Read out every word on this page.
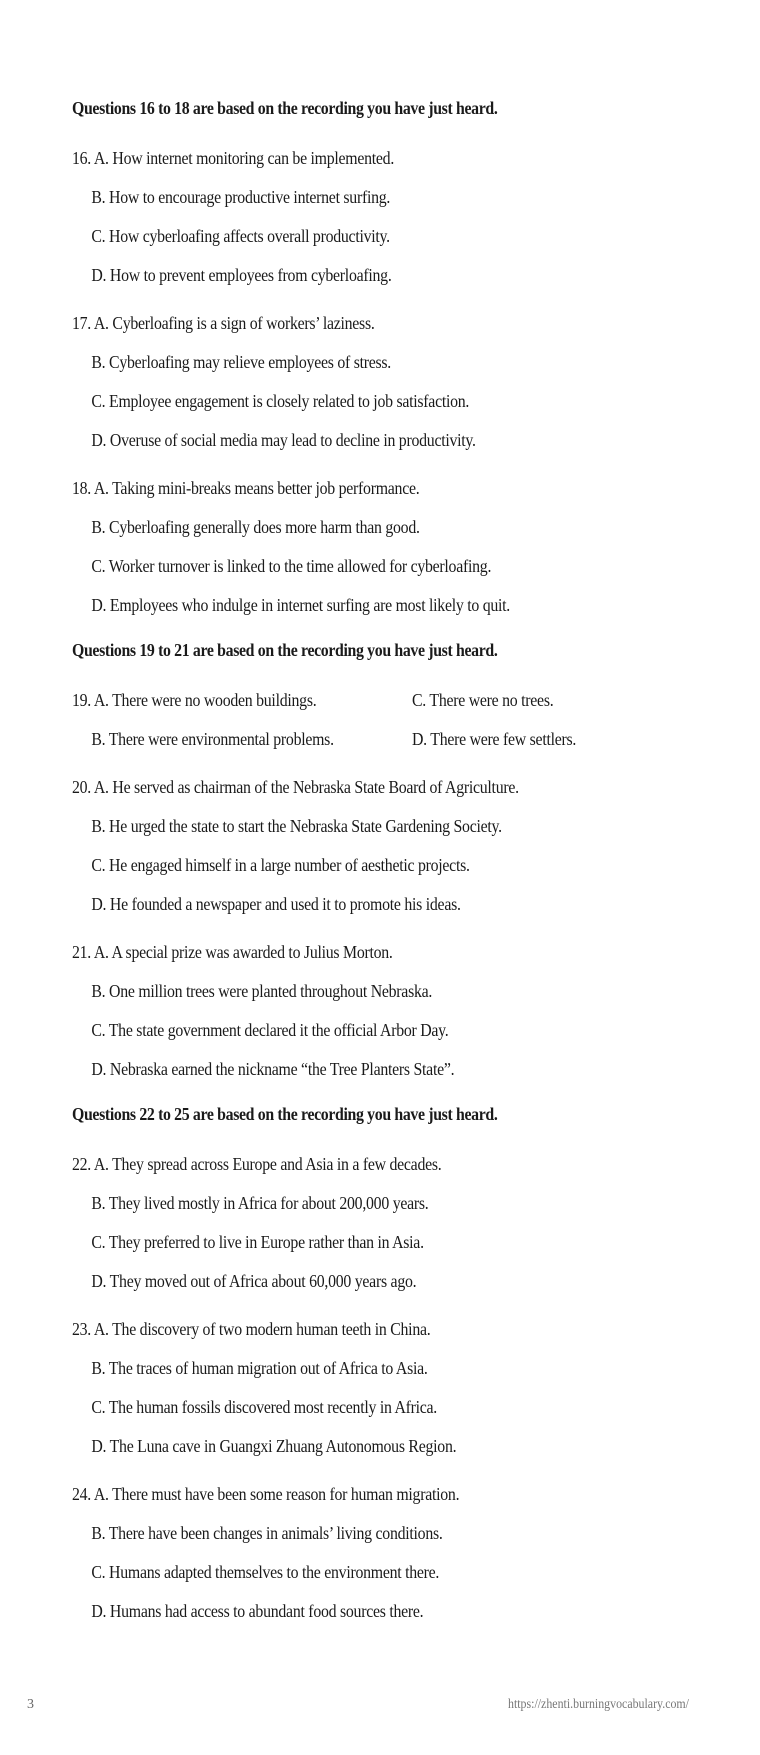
Questions 16 to 18 are based on the recording you have just heard.
16. A. How internet monitoring can be implemented.
B. How to encourage productive internet surfing.
C. How cyberloafing affects overall productivity.
D. How to prevent employees from cyberloafing.
17. A. Cyberloafing is a sign of workers’ laziness.
B. Cyberloafing may relieve employees of stress.
C. Employee engagement is closely related to job satisfaction.
D. Overuse of social media may lead to decline in productivity.
18. A. Taking mini-breaks means better job performance.
B. Cyberloafing generally does more harm than good.
C. Worker turnover is linked to the time allowed for cyberloafing.
D. Employees who indulge in internet surfing are most likely to quit.
Questions 19 to 21 are based on the recording you have just heard.
19. A. There were no wooden buildings.	C. There were no trees.
B. There were environmental problems.	D. There were few settlers.
20. A. He served as chairman of the Nebraska State Board of Agriculture.
B. He urged the state to start the Nebraska State Gardening Society.
C. He engaged himself in a large number of aesthetic projects.
D. He founded a newspaper and used it to promote his ideas.
21. A. A special prize was awarded to Julius Morton.
B. One million trees were planted throughout Nebraska.
C. The state government declared it the official Arbor Day.
D. Nebraska earned the nickname “the Tree Planters State”.
Questions 22 to 25 are based on the recording you have just heard.
22. A. They spread across Europe and Asia in a few decades.
B. They lived mostly in Africa for about 200,000 years.
C. They preferred to live in Europe rather than in Asia.
D. They moved out of Africa about 60,000 years ago.
23. A. The discovery of two modern human teeth in China.
B. The traces of human migration out of Africa to Asia.
C. The human fossils discovered most recently in Africa.
D. The Luna cave in Guangxi Zhuang Autonomous Region.
24. A. There must have been some reason for human migration.
B. There have been changes in animals’ living conditions.
C. Humans adapted themselves to the environment there.
D. Humans had access to abundant food sources there.
3	https://zhenti.burningvocabulary.com/
